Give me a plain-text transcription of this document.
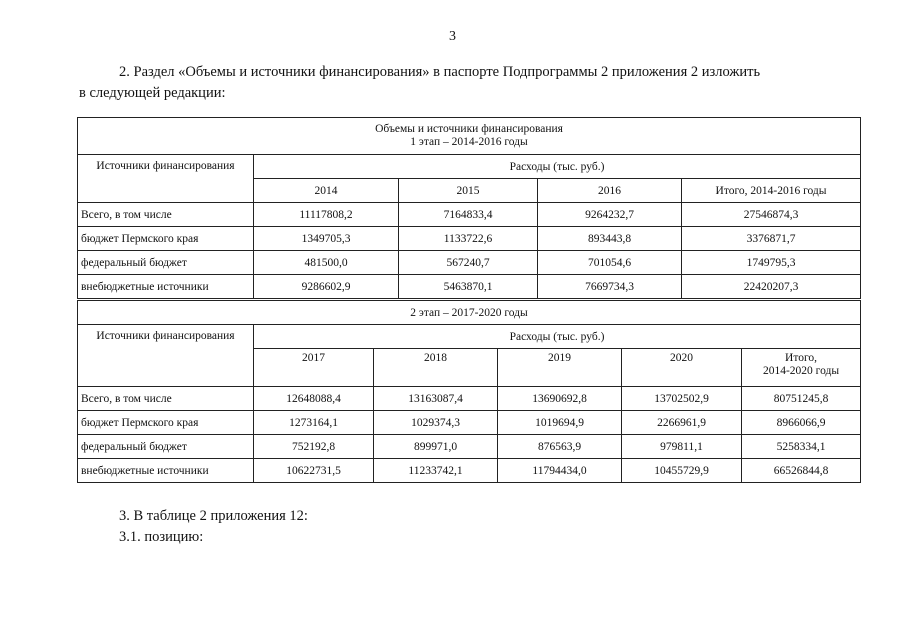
3
2. Раздел «Объемы и источники финансирования» в паспорте Подпрограммы 2 приложения 2 изложить
в следующей редакции:
Объемы и источники финансирования
1 этап – 2014-2016 годы				

Источники финансирования	Расходы (тыс. руб.)			
	2014	2015	2016	Итого, 2014-2016 годы
Всего, в том числе	11117808,2	7164833,4	9264232,7	27546874,3
бюджет Пермского края	1349705,3	1133722,6	893443,8	3376871,7
федеральный бюджет	481500,0	567240,7	701054,6	1749795,3
внебюджетные источники	9286602,9	5463870,1	7669734,3	22420207,3
2 этап – 2017-2020 годы					
Источники финансирования	Расходы (тыс. руб.)				
	2017	2018	2019	2020	Итого,
2014-2020 годы

Всего, в том числе	12648088,4	13163087,4	13690692,8	13702502,9	80751245,8
бюджет Пермского края	1273164,1	1029374,3	1019694,9	2266961,9	8966066,9
федеральный бюджет	752192,8	899971,0	876563,9	979811,1	5258334,1
внебюджетные источники	10622731,5	11233742,1	11794434,0	10455729,9	66526844,8
3. В таблице 2 приложения 12:
3.1. позицию:
